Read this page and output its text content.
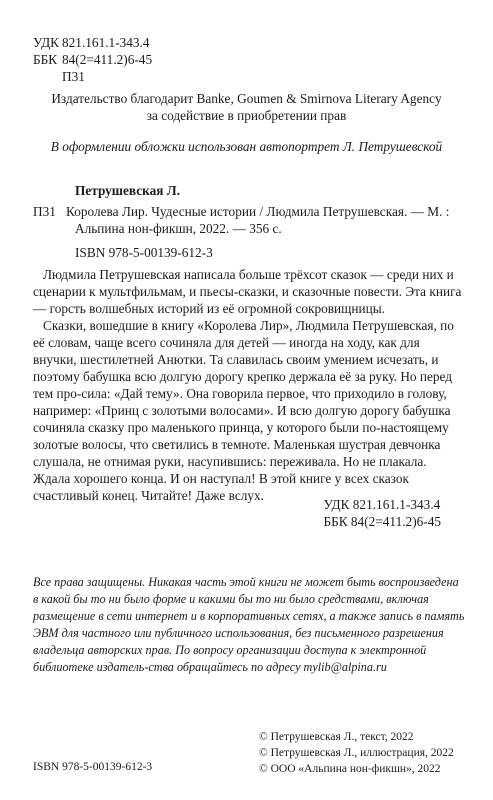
УДК 821.161.1-343.4
ББК 84(2=411.2)6-45
П31
Издательство благодарит Banke, Goumen & Smirnova Literary Agency
за содействие в приобретении прав
В оформлении обложки использован автопортрет Л. Петрушевской
Петрушевская Л.
П31 Королева Лир. Чудесные истории / Людмила Петрушевская. — М. :
Альпина нон-фикшн, 2022. — 356 с.
ISBN 978-5-00139-612-3

Людмила Петрушевская написала больше трёхсот сказок — среди них и сценарии к мультфильмам, и пьесы-сказки, и сказочные повести. Эта книга — горсть волшебных историй из её огромной сокровищницы.

Сказки, вошедшие в книгу «Королева Лир», Людмила Петрушевская, по её словам, чаще всего сочиняла для детей — иногда на ходу, как для внучки, шестилетней Анютки. Та славилась своим умением исчезать, и поэтому бабушка всю долгую дорогу крепко держала её за руку. Но перед тем про-сила: «Дай тему». Она говорила первое, что приходило в голову, например: «Принц с золотыми волосами». И всю долгую дорогу бабушка сочиняла сказку про маленького принца, у которого были по-настоящему золотые волосы, что светились в темноте. Маленькая шустрая девчонка слушала, не отнимая руки, насупившись: переживала. Но не плакала. Ждала хорошего конца. И он наступал! В этой книге у всех сказок счастливый конец. Читайте! Даже вслух.

УДК 821.161.1-343.4
ББК 84(2=411.2)6-45
Все права защищены. Никакая часть этой книги не может быть воспроизведена в какой бы то ни было форме и какими бы то ни было средствами, включая размещение в сети интернет и в корпоративных сетях, а также запись в память ЭВМ для частного или публичного использования, без письменного разрешения владельца авторских прав. По вопросу организации доступа к электронной библиотеке издатель-ства обращайтесь по адресу mylib@alpina.ru
© Петрушевская Л., текст, 2022
© Петрушевская Л., иллюстрация, 2022
© ООО «Альпина нон-фикшн», 2022
ISBN 978-5-00139-612-3
